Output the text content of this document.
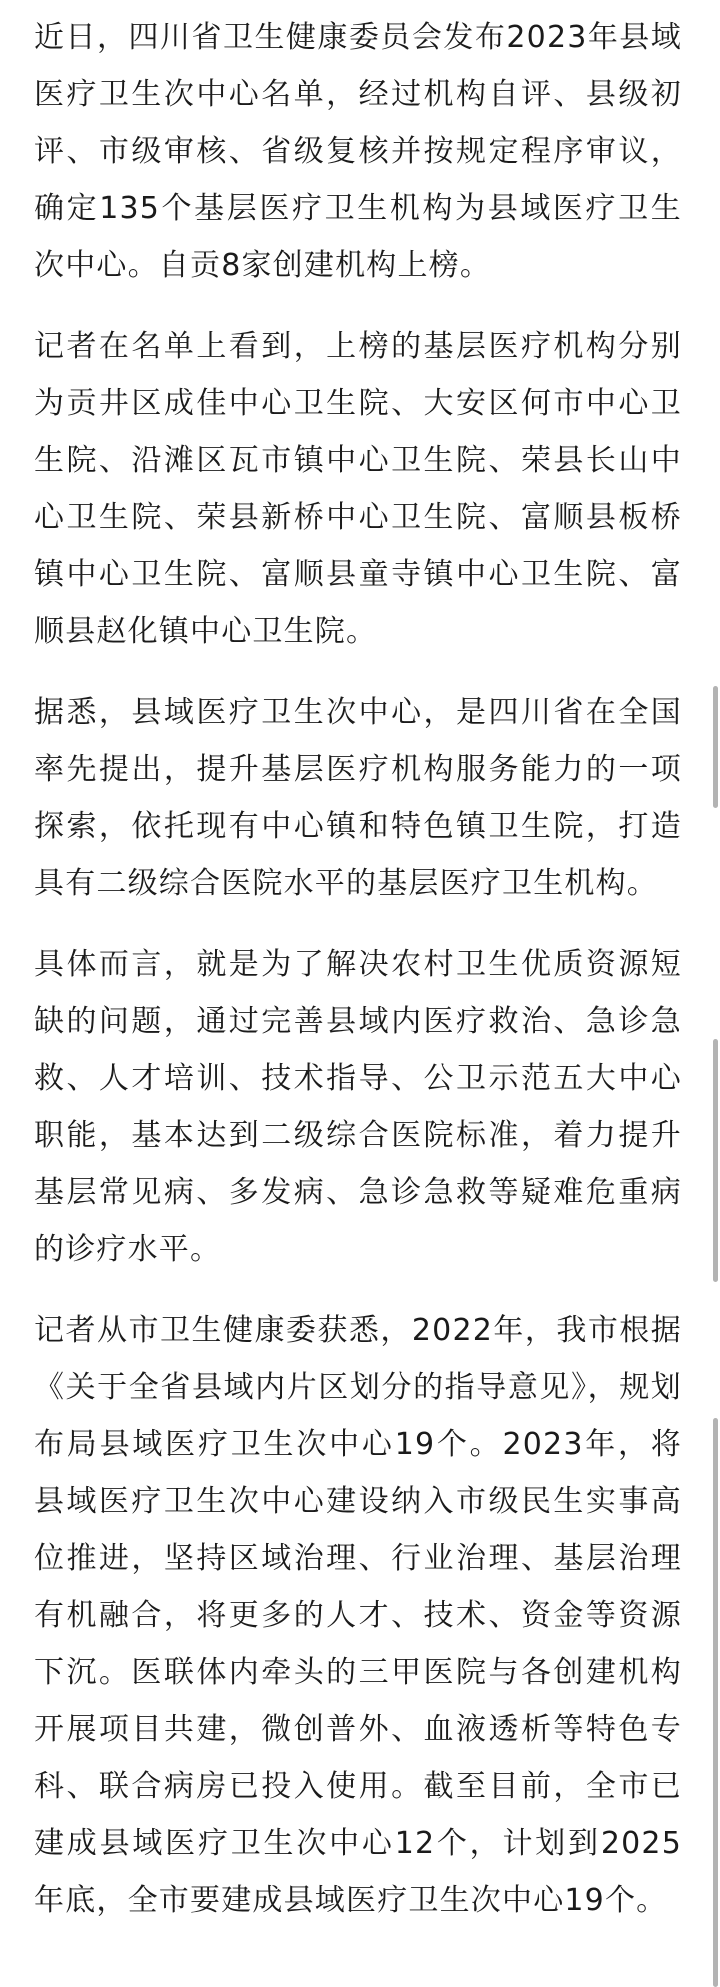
近日，四川省卫生健康委员会发布2023年县域医疗卫生次中心名单，经过机构自评、县级初评、市级审核、省级复核并按规定程序审议，确定135个基层医疗卫生机构为县域医疗卫生次中心。自贡8家创建机构上榜。

记者在名单上看到，上榜的基层医疗机构分别为贡井区成佳中心卫生院、大安区何市中心卫生院、沿滩区瓦市镇中心卫生院、荣县长山中心卫生院、荣县新桥中心卫生院、富顺县板桥镇中心卫生院、富顺县童寺镇中心卫生院、富顺县赵化镇中心卫生院。

据悉，县域医疗卫生次中心，是四川省在全国率先提出，提升基层医疗机构服务能力的一项探索，依托现有中心镇和特色镇卫生院，打造具有二级综合医院水平的基层医疗卫生机构。

具体而言，就是为了解决农村卫生优质资源短缺的问题，通过完善县域内医疗救治、急诊急救、人才培训、技术指导、公卫示范五大中心职能，基本达到二级综合医院标准，着力提升基层常见病、多发病、急诊急救等疑难危重病的诊疗水平。

记者从市卫生健康委获悉，2022年，我市根据《关于全省县域内片区划分的指导意见》，规划布局县域医疗卫生次中心19个。2023年，将县域医疗卫生次中心建设纳入市级民生实事高位推进，坚持区域治理、行业治理、基层治理有机融合，将更多的人才、技术、资金等资源下沉。医联体内牵头的三甲医院与各创建机构开展项目共建，微创普外、血液透析等特色专科、联合病房已投入使用。截至目前，全市已建成县域医疗卫生次中心12个，计划到2025年底，全市要建成县域医疗卫生次中心19个。
